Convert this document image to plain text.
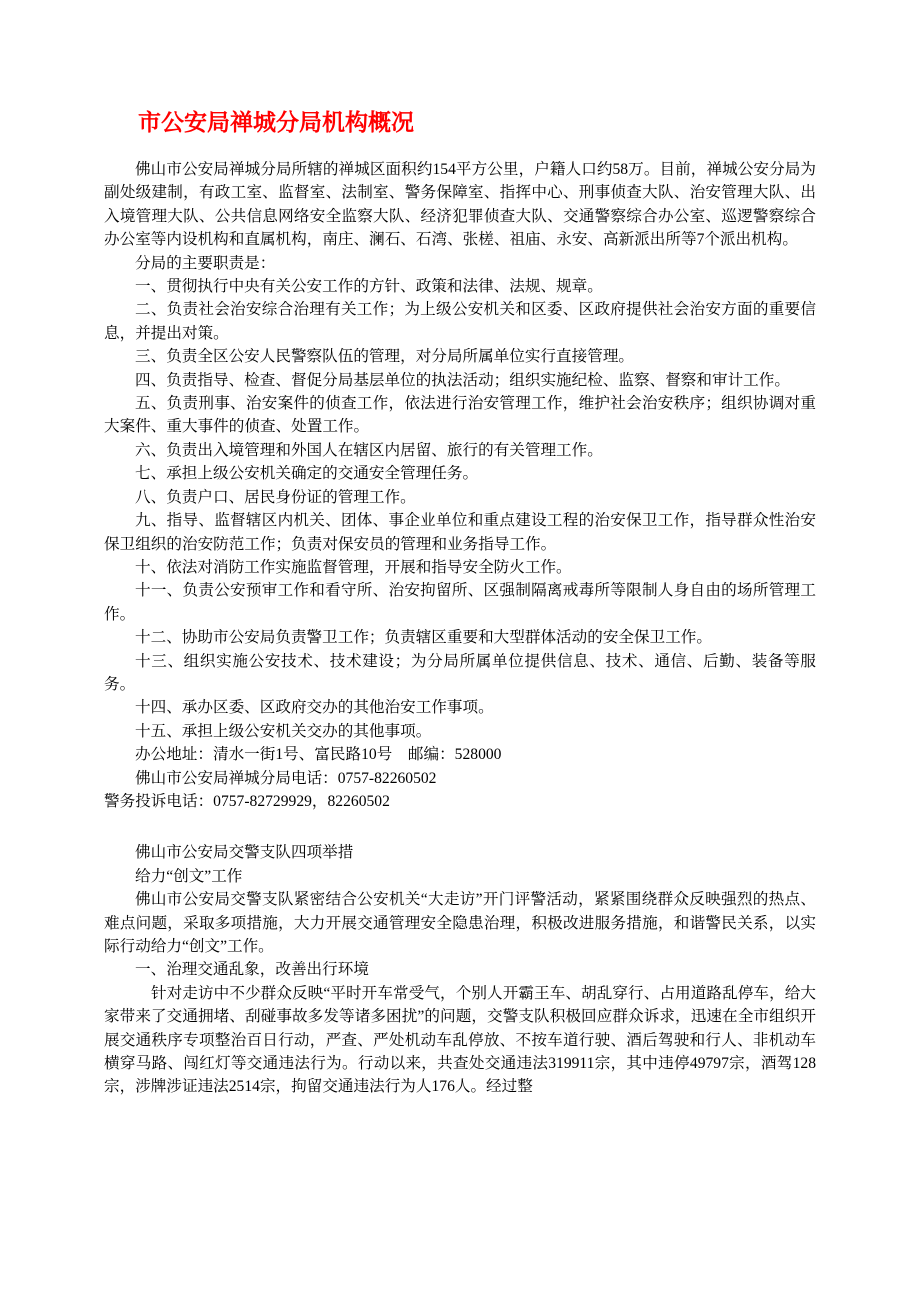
市公安局禅城分局机构概况

佛山市公安局禅城分局所辖的禅城区面积约154平方公里，户籍人口约58万。目前，禅城公安分局为副处级建制，有政工室、监督室、法制室、警务保障室、指挥中心、刑事侦查大队、治安管理大队、出入境管理大队、公共信息网络安全监察大队、经济犯罪侦查大队、交通警察综合办公室、巡逻警察综合办公室等内设机构和直属机构，南庄、澜石、石湾、张槎、祖庙、永安、高新派出所等7个派出机构。

分局的主要职责是：

一、贯彻执行中央有关公安工作的方针、政策和法律、法规、规章。

二、负责社会治安综合治理有关工作；为上级公安机关和区委、区政府提供社会治安方面的重要信息，并提出对策。

三、负责全区公安人民警察队伍的管理，对分局所属单位实行直接管理。

四、负责指导、检查、督促分局基层单位的执法活动；组织实施纪检、监察、督察和审计工作。

五、负责刑事、治安案件的侦查工作，依法进行治安管理工作，维护社会治安秩序；组织协调对重大案件、重大事件的侦查、处置工作。

六、负责出入境管理和外国人在辖区内居留、旅行的有关管理工作。

七、承担上级公安机关确定的交通安全管理任务。

八、负责户口、居民身份证的管理工作。

九、指导、监督辖区内机关、团体、事企业单位和重点建设工程的治安保卫工作，指导群众性治安保卫组织的治安防范工作；负责对保安员的管理和业务指导工作。

十、依法对消防工作实施监督管理，开展和指导安全防火工作。

十一、负责公安预审工作和看守所、治安拘留所、区强制隔离戒毒所等限制人身自由的场所管理工作。

十二、协助市公安局负责警卫工作；负责辖区重要和大型群体活动的安全保卫工作。

十三、组织实施公安技术、技术建设；为分局所属单位提供信息、技术、通信、后勤、装备等服务。

十四、承办区委、区政府交办的其他治安工作事项。

十五、承担上级公安机关交办的其他事项。

办公地址：清水一街1号、富民路10号　邮编：528000

佛山市公安局禅城分局电话：0757-82260502

警务投诉电话：0757-82729929，82260502

佛山市公安局交警支队四项举措

给力“创文”工作

佛山市公安局交警支队紧密结合公安机关“大走访”开门评警活动，紧紧围绕群众反映强烈的热点、难点问题，采取多项措施，大力开展交通管理安全隐患治理，积极改进服务措施，和谐警民关系，以实际行动给力“创文”工作。

一、治理交通乱象，改善出行环境

针对走访中不少群众反映“平时开车常受气，个别人开霸王车、胡乱穿行、占用道路乱停车，给大家带来了交通拥堵、刮碰事故多发等诸多困扰”的问题，交警支队积极回应群众诉求，迅速在全市组织开展交通秩序专项整治百日行动，严查、严处机动车乱停放、不按车道行驶、酒后驾驶和行人、非机动车横穿马路、闯红灯等交通违法行为。行动以来，共查处交通违法319911宗，其中违停49797宗，酒驾128宗，涉牌涉证违法2514宗，拘留交通违法行为人176人。经过整
